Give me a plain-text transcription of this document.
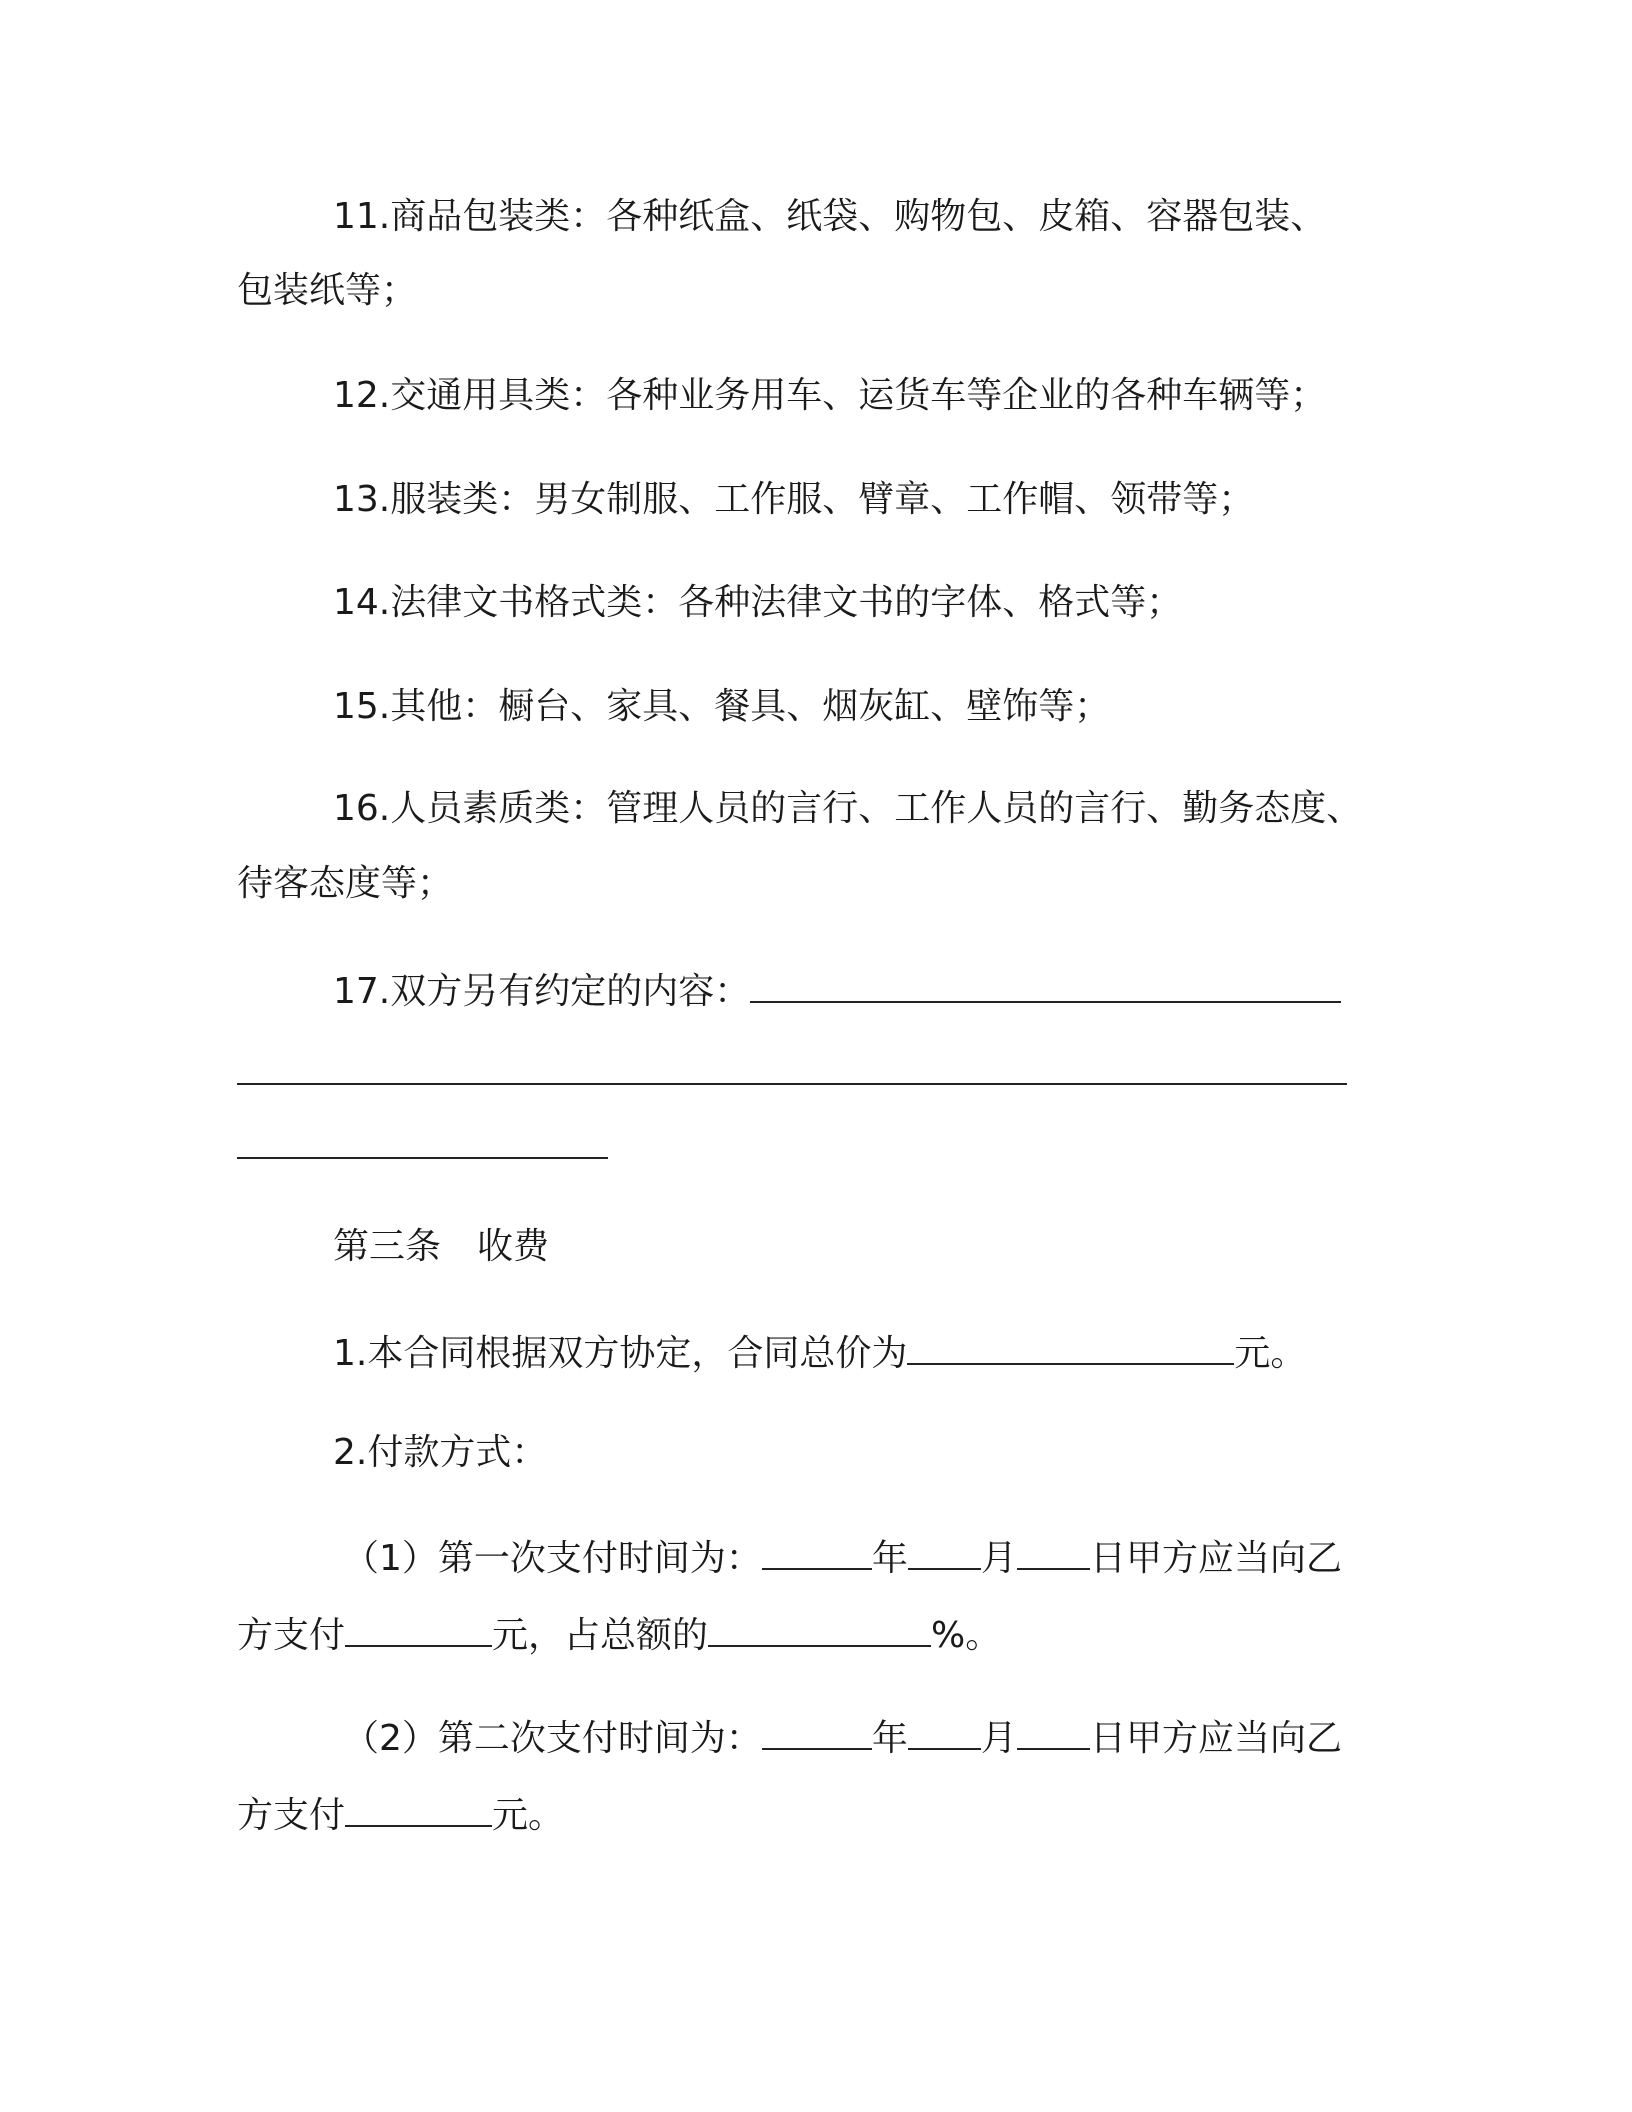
11.商品包装类：各种纸盒、纸袋、购物包、皮箱、容器包装、
包装纸等；
12.交通用具类：各种业务用车、运货车等企业的各种车辆等；
13.服装类：男女制服、工作服、臂章、工作帽、领带等；
14.法律文书格式类：各种法律文书的字体、格式等；
15.其他：橱台、家具、餐具、烟灰缸、壁饰等；
16.人员素质类：管理人员的言行、工作人员的言行、勤务态度、
待客态度等；
17.双方另有约定的内容：
第三条　收费
1.本合同根据双方协定，合同总价为	元。
2.付款方式：
（1）第一次支付时间为：	年 月 日甲方应当向乙
方支付	元，占总额的	%。
（2）第二次支付时间为：	年 月 日甲方应当向乙
方支付	元。
